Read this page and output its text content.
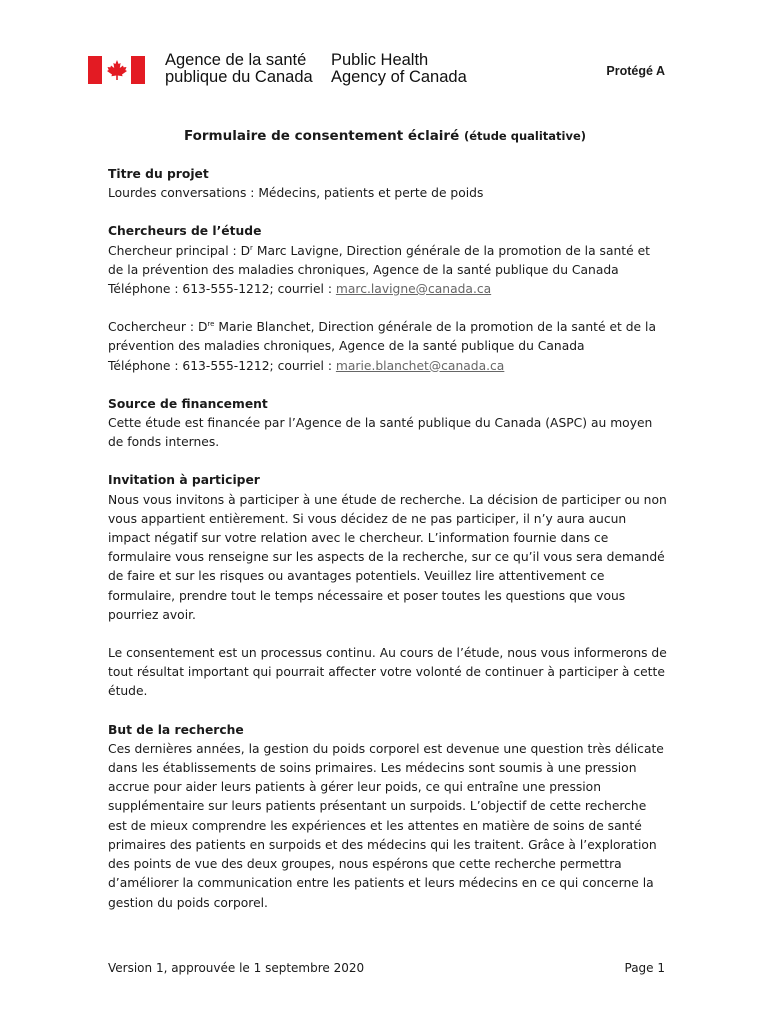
Agence de la santé
publique du Canada
Public Health
Agency of Canada	Protégé A
Formulaire de consentement éclairé (étude qualitative)
Titre du projet
Lourdes conversations : Médecins, patients et perte de poids
Chercheurs de l’étude
Chercheur principal : $D^r$ Marc Lavigne, Direction générale de la promotion de la santé et de la prévention des maladies chroniques, Agence de la santé publique du Canada
Téléphone : 613-555-1212; courriel : marc.lavigne@canada.ca
Cochercheur : Dre Marie Blanchet, Direction générale de la promotion de la santé et de la prévention des maladies chroniques, Agence de la santé publique du Canada
Téléphone : 613-555-1212; courriel : marie.blanchet@canada.ca
Source de financement
Cette étude est financée par l’Agence de la santé publique du Canada (ASPC) au moyen de fonds internes.
Invitation à participer
Nous vous invitons à participer à une étude de recherche. La décision de participer ou non vous appartient entièrement. Si vous décidez de ne pas participer, il n’y aura aucun impact négatif sur votre relation avec le chercheur. L’information fournie dans ce formulaire vous renseigne sur les aspects de la recherche, sur ce qu’il vous sera demandé de faire et sur les risques ou avantages potentiels. Veuillez lire attentivement ce formulaire, prendre tout le temps nécessaire et poser toutes les questions que vous pourriez avoir.
Le consentement est un processus continu. Au cours de l’étude, nous vous informerons de tout résultat important qui pourrait affecter votre volonté de continuer à participer à cette étude.
But de la recherche
Ces dernières années, la gestion du poids corporel est devenue une question très délicate dans les établissements de soins primaires. Les médecins sont soumis à une pression accrue pour aider leurs patients à gérer leur poids, ce qui entraîne une pression supplémentaire sur leurs patients présentant un surpoids. L’objectif de cette recherche est de mieux comprendre les expériences et les attentes en matière de soins de santé primaires des patients en surpoids et des médecins qui les traitent. Grâce à l’exploration des points de vue des deux groupes, nous espérons que cette recherche permettra d’améliorer la communication entre les patients et leurs médecins en ce qui concerne la gestion du poids corporel.
Version 1, approuvée le 1 septembre 2020	Page 1
